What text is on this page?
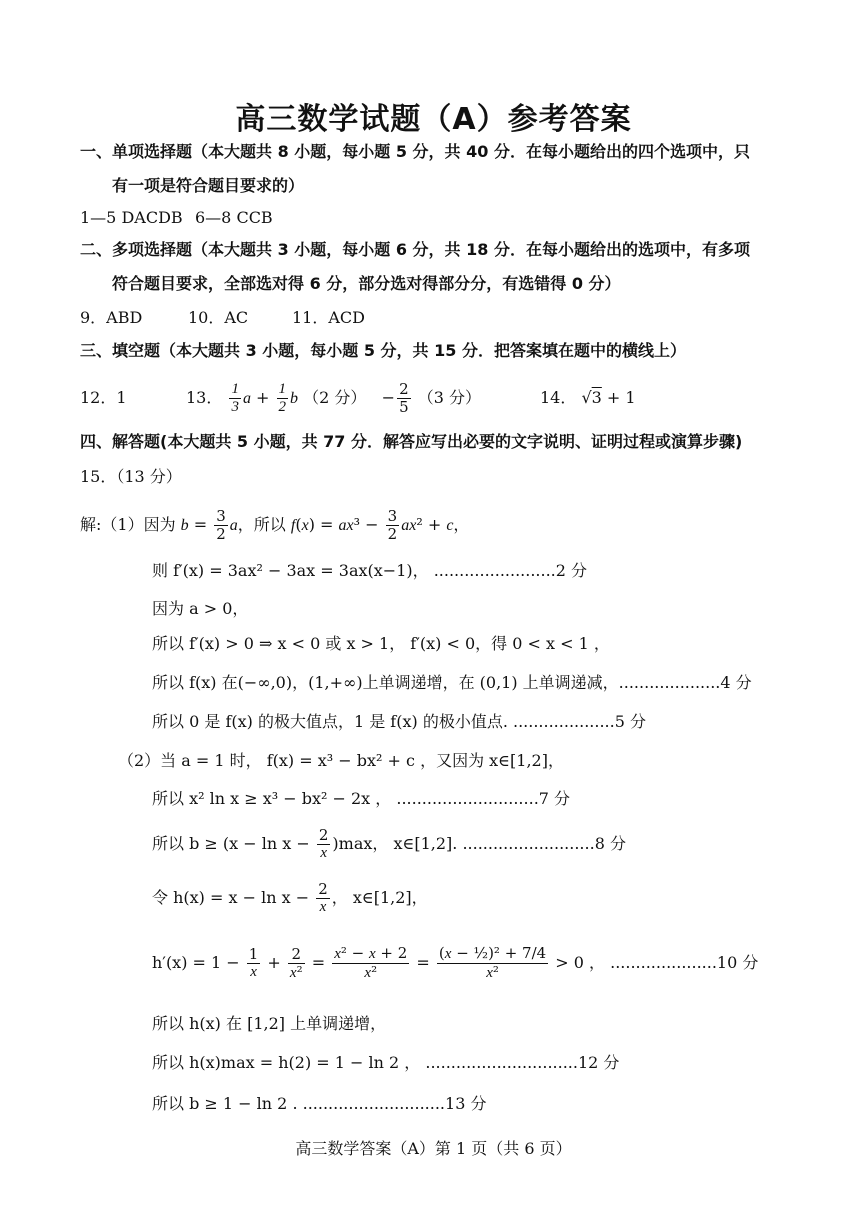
高三数学试题（A）参考答案
一、单项选择题（本大题共 8 小题，每小题 5 分，共 40 分．在每小题给出的四个选项中，只
有一项是符合题目要求的）
1—5 DACDB 6—8 CCB
二、多项选择题（本大题共 3 小题，每小题 6 分，共 18 分．在每小题给出的选项中，有多项
符合题目要求，全部选对得 6 分，部分选对得部分分，有选错得 0 分）
9．ABD	10．AC	11．ACD
三、填空题（本大题共 3 小题，每小题 5 分，共 15 分．把答案填在题中的横线上）
12．1	13． $\frac{1}{3}$ $a + \frac{1}{2}$ b （2 分）   − $\frac{2}{5} (3$ 分）	14． √3 + 1
四、解答题(本大题共 5 小题，共 77 分．解答应写出必要的文字说明、证明过程或演算步骤)
15．（13 分）
解:（1）因为 $b = \frac{3}{2}$ a，所以 $f(x) = ax^3 - \frac{3}{2} ax^2 + c$，
则 f′(x) = 3ax² − 3ax = 3ax(x−1)， ........................2 分
因为 a > 0，
所以 f′(x) > 0 ⇒ x < 0 或 x > 1， f′(x) < 0，得 0 < x < 1 ，
所以 f(x) 在(−∞,0)，(1,+∞)上单调递增，在 (0,1) 上单调递减，....................4 分
所以 0 是 f(x) 的极大值点，1 是 f(x) 的极小值点. ....................5 分
（2）当 a = 1 时， f(x) = x³ − bx² + c ，又因为 x∈[1,2]，
所以 x² ln x ≥ x³ − bx² − 2x ， ............................7 分
所以 $b \ge (x - \ln x - \frac{2}{x} )\max$， x∈[1,2]. ..........................8 分
令 $h(x) = x - \ln x - \frac{2}{x}$ ， x∈[1,2]，
$h'(x) = 1 - \frac{1}{x} + \frac{2}{\text{x²}} = \frac{\text{x² − x + 2}}{\text{x²}} = \frac{\text{(x − ½)² + 7/4}}{\text{x²}} > 0$ ， .....................10 分
所以 h(x) 在 [1,2] 上单调递增，
所以 h(x)max = h(2) = 1 − ln 2 ， ..............................12 分
所以 b ≥ 1 − ln 2 . ............................13 分
高三数学答案（A）第 1 页（共 6 页）
